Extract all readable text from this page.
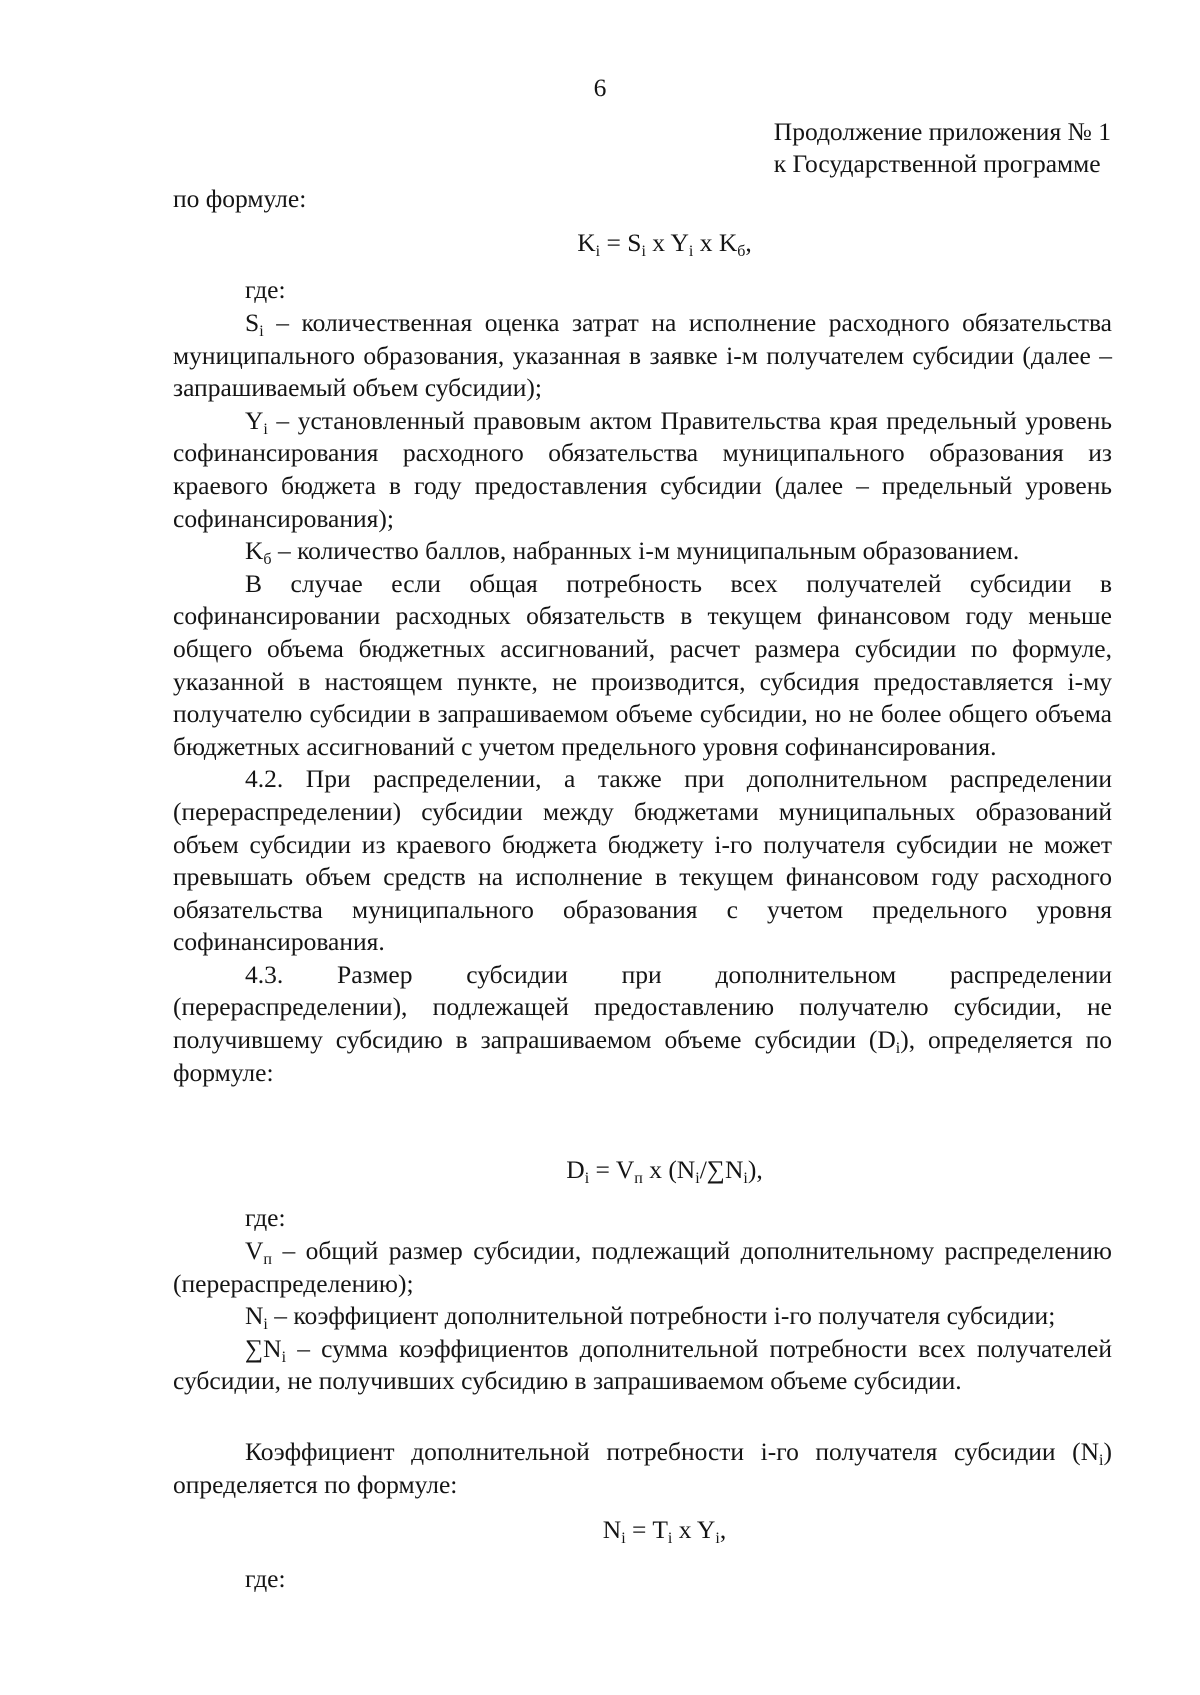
6
Продолжение приложения № 1
к Государственной программе

по формуле:

$K_i = S_i$ x $Y_i$ x $K_б$,

где:

$S_i$ – количественная оценка затрат на исполнение расходного обязательства муниципального образования, указанная в заявке i-м получателем субсидии (далее – запрашиваемый объем субсидии);

$Y_i$ – установленный правовым актом Правительства края предельный уровень софинансирования расходного обязательства муниципального образования из краевого бюджета в году предоставления субсидии (далее – предельный уровень софинансирования);

$K_б$ – количество баллов, набранных i-м муниципальным образованием.

В случае если общая потребность всех получателей субсидии в софинансировании расходных обязательств в текущем финансовом году меньше общего объема бюджетных ассигнований, расчет размера субсидии по формуле, указанной в настоящем пункте, не производится, субсидия предоставляется i-му получателю субсидии в запрашиваемом объеме субсидии, но не более общего объема бюджетных ассигнований с учетом предельного уровня софинансирования.

4.2. При распределении, а также при дополнительном распределении (перераспределении) субсидии между бюджетами муниципальных образований объем субсидии из краевого бюджета бюджету i-го получателя субсидии не может превышать объем средств на исполнение в текущем финансовом году расходного обязательства муниципального образования с учетом предельного уровня софинансирования.

4.3. Размер субсидии при дополнительном распределении (перераспределении), подлежащей предоставлению получателю субсидии, не получившему субсидию в запрашиваемом объеме субсидии $(D_i)$, определяется по формуле:

$D_i = V_п$ x $(N_i/\sum N_i)$,

где:

$V_п$ – общий размер субсидии, подлежащий дополнительному распределению (перераспределению);

$N_i$ – коэффициент дополнительной потребности i-го получателя субсидии;

$\sum N_i$ – сумма коэффициентов дополнительной потребности всех получателей субсидии, не получивших субсидию в запрашиваемом объеме субсидии.

Коэффициент дополнительной потребности i-го получателя субсидии $(N_i)$ определяется по формуле:

$N_i = T_i$ x $Y_i$,

где:
